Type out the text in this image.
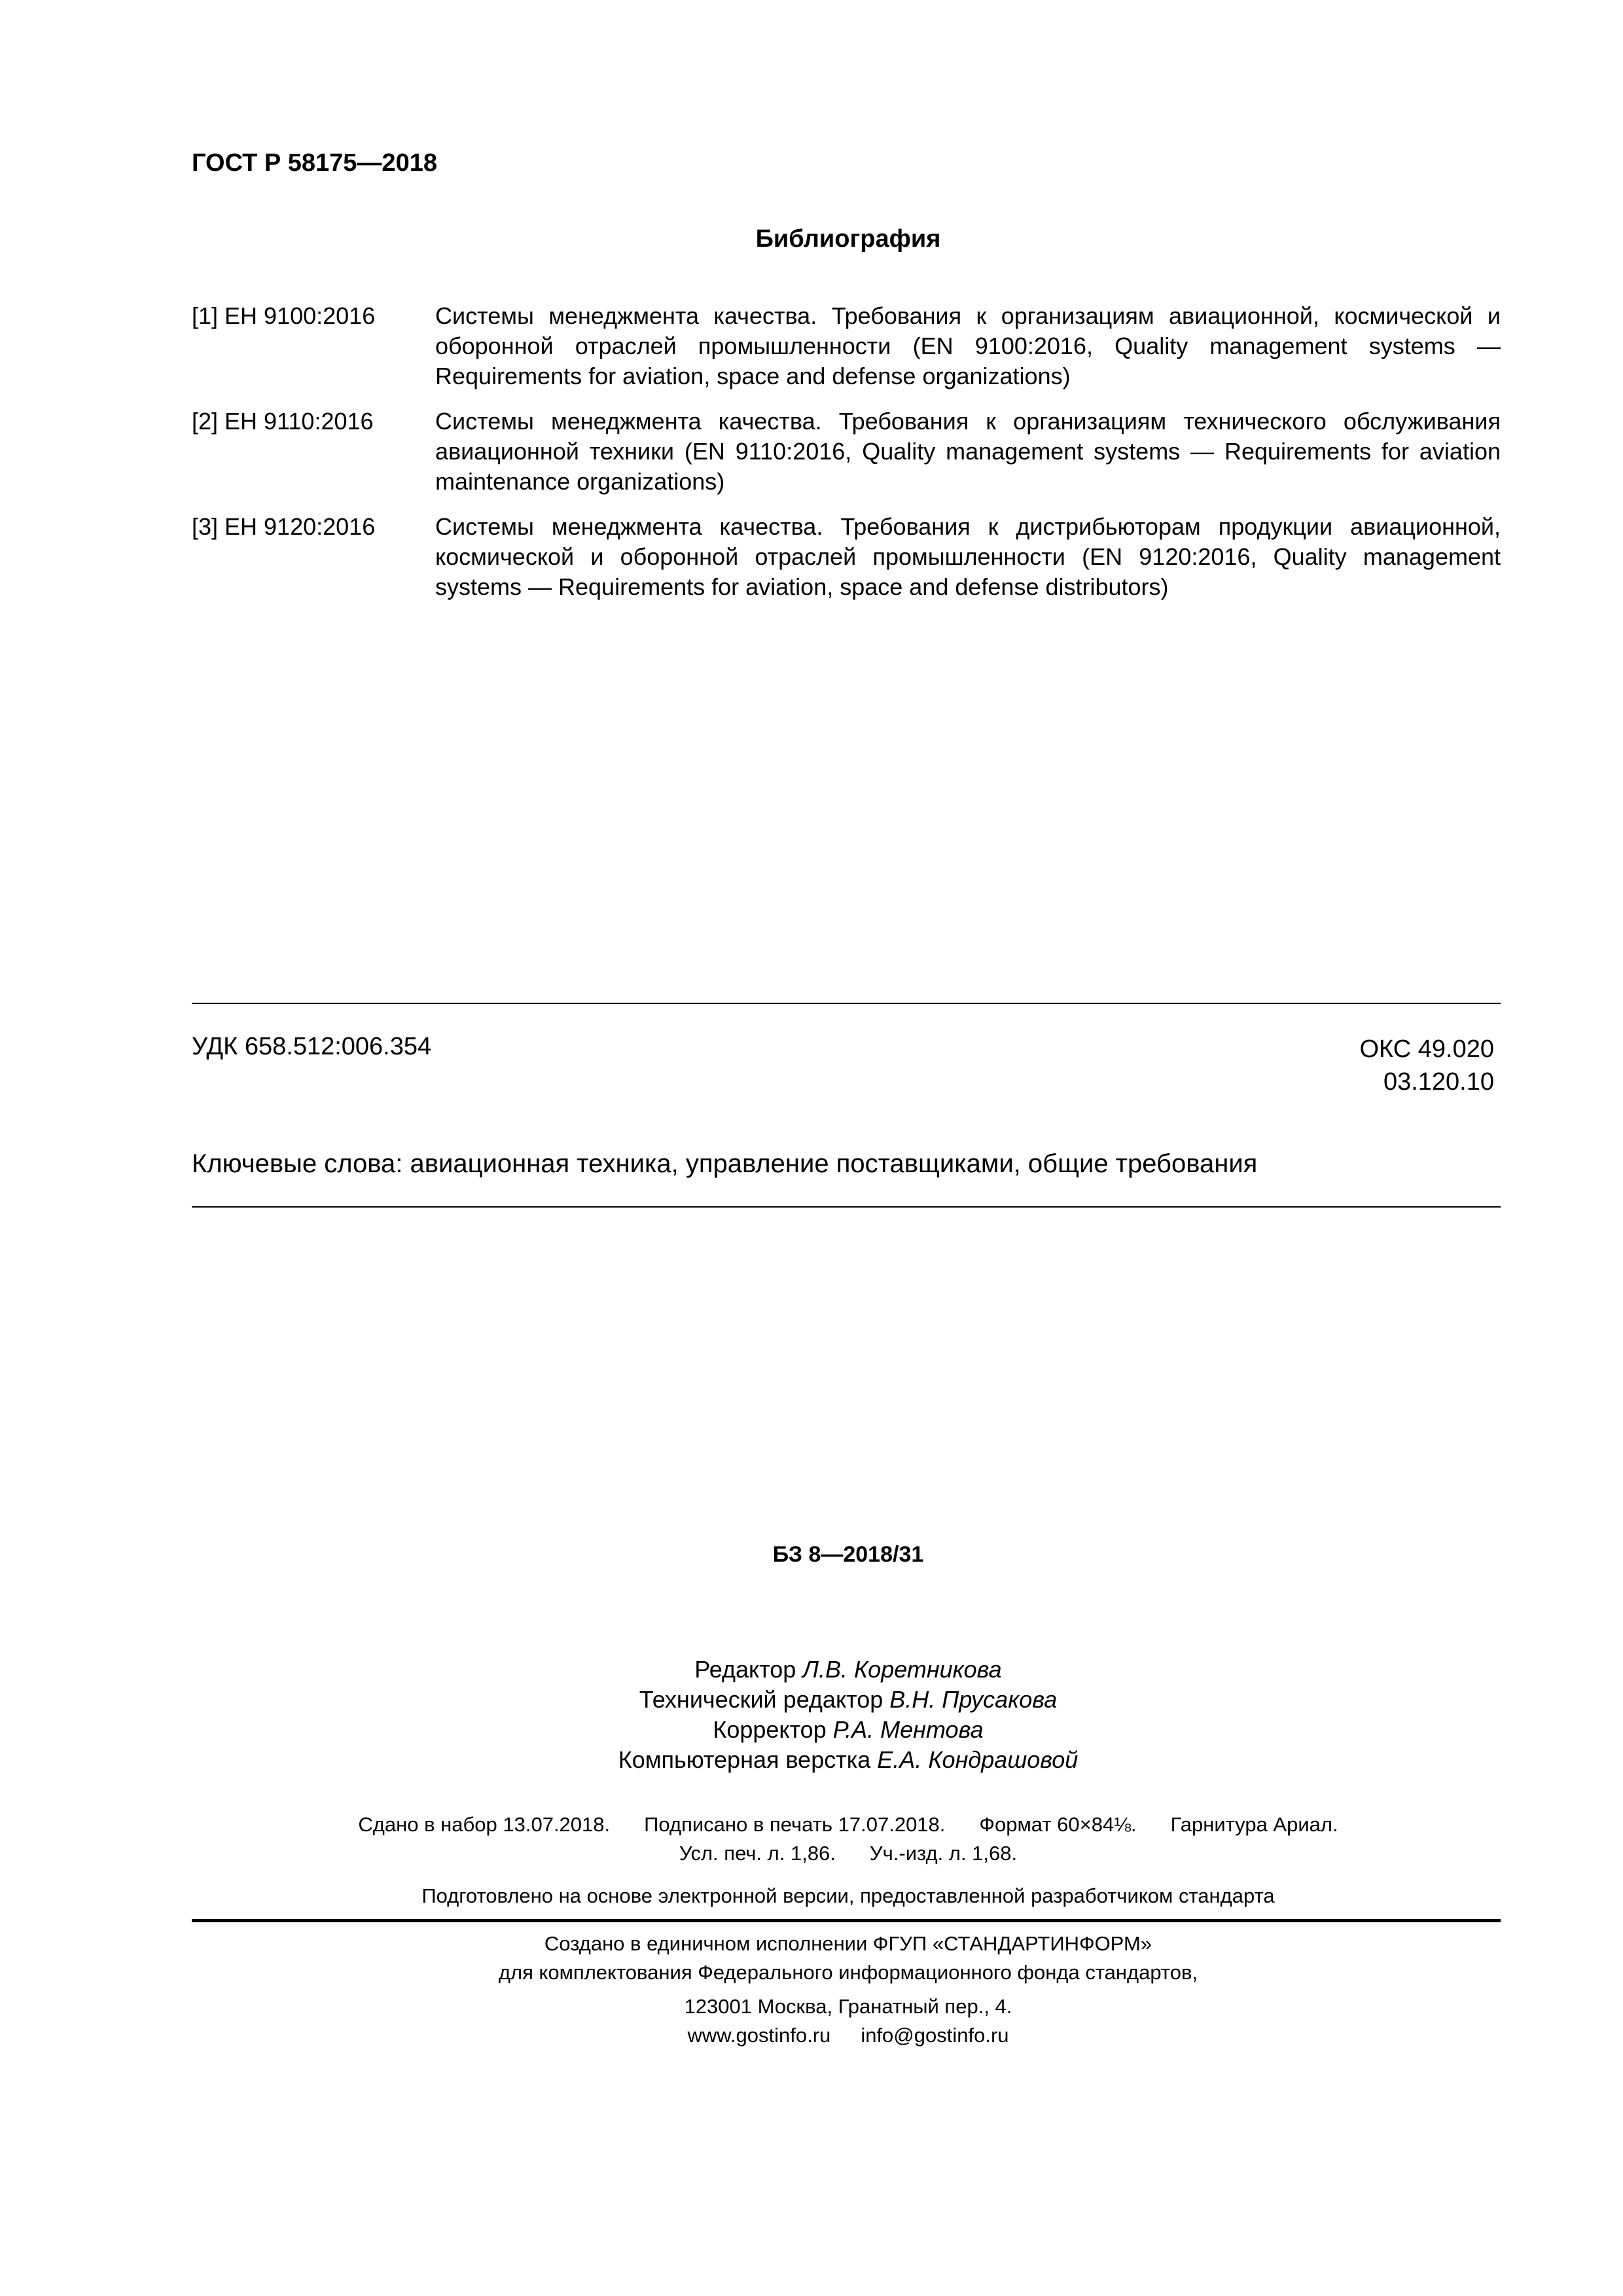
ГОСТ Р 58175—2018
Библиография
[1] ЕН 9100:2016	Системы менеджмента качества. Требования к организациям авиационной, космической и оборонной отраслей промышленности (EN 9100:2016, Quality management systems — Requirements for aviation, space and defense organizations)
[2] ЕН 9110:2016	Системы менеджмента качества. Требования к организациям технического обслуживания авиационной техники (EN 9110:2016, Quality management systems — Requirements for aviation maintenance organizations)
[3] ЕН 9120:2016	Системы менеджмента качества. Требования к дистрибьюторам продукции авиационной, космической и оборонной отраслей промышленности (EN 9120:2016, Quality management systems — Requirements for aviation, space and defense distributors)
УДК 658.512:006.354	ОКС 49.020
03.120.10
Ключевые слова: авиационная техника, управление поставщиками, общие требования
БЗ 8—2018/31
Редактор Л.В. Коретникова
Технический редактор В.Н. Прусакова
Корректор Р.А. Ментова
Компьютерная верстка Е.А. Кондрашовой
Сдано в набор 13.07.2018. Подписано в печать 17.07.2018. Формат 60×84⅛. Гарнитура Ариал.
Усл. печ. л. 1,86. Уч.-изд. л. 1,68.
Подготовлено на основе электронной версии, предоставленной разработчиком стандарта
Создано в единичном исполнении ФГУП «СТАНДАРТИНФОРМ»
для комплектования Федерального информационного фонда стандартов,
123001 Москва, Гранатный пер., 4.
www.gostinfo.ru info@gostinfo.ru
